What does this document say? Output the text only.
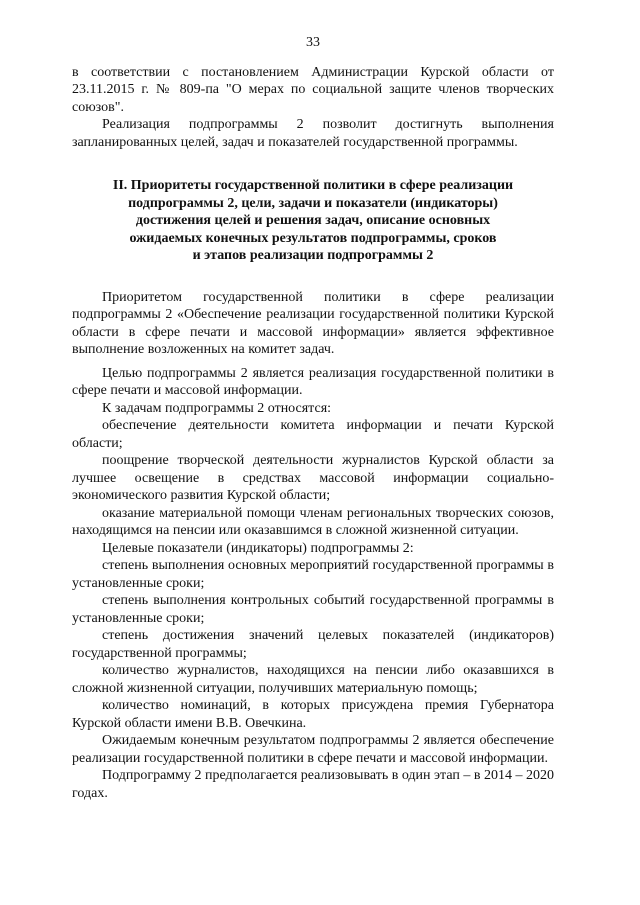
33

в соответствии с постановлением Администрации Курской области от 23.11.2015 г. № 809-па "О мерах по социальной защите членов творческих союзов".

Реализация подпрограммы 2 позволит достигнуть выполнения запланированных целей, задач и показателей государственной программы.

II. Приоритеты государственной политики в сфере реализации
подпрограммы 2, цели, задачи и показатели (индикаторы)
достижения целей и решения задач, описание основных
ожидаемых конечных результатов подпрограммы, сроков
и этапов реализации подпрограммы 2

Приоритетом государственной политики в сфере реализации подпрограммы 2 «Обеспечение реализации государственной политики Курской области в сфере печати и массовой информации» является эффективное выполнение возложенных на комитет задач.

Целью подпрограммы 2 является реализация государственной политики в сфере печати и массовой информации.

К задачам подпрограммы 2 относятся:

обеспечение деятельности комитета информации и печати Курской области;

поощрение творческой деятельности журналистов Курской области за лучшее освещение в средствах массовой информации социально-экономического развития Курской области;

оказание материальной помощи членам региональных творческих союзов, находящимся на пенсии или оказавшимся в сложной жизненной ситуации.

Целевые показатели (индикаторы) подпрограммы 2:

степень выполнения основных мероприятий государственной программы в установленные сроки;

степень выполнения контрольных событий государственной программы в установленные сроки;

степень достижения значений целевых показателей (индикаторов) государственной программы;

количество журналистов, находящихся на пенсии либо оказавшихся в сложной жизненной ситуации, получивших материальную помощь;

количество номинаций, в которых присуждена премия Губернатора Курской области имени В.В. Овечкина.

Ожидаемым конечным результатом подпрограммы 2 является обеспечение реализации государственной политики в сфере печати и массовой информации.

Подпрограмму 2 предполагается реализовывать в один этап – в 2014 – 2020 годах.
